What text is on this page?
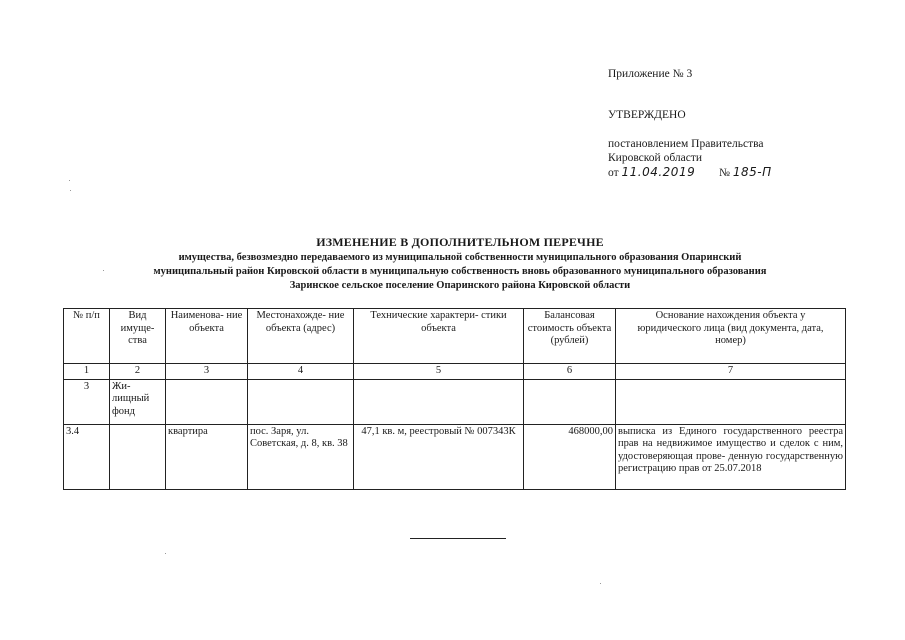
Приложение № 3
УТВЕРЖДЕНО
постановлением Правительства
Кировской области
от 11.04.2019 № 185-П
ИЗМЕНЕНИЕ В ДОПОЛНИТЕЛЬНОМ ПЕРЕЧНЕ
имущества, безвозмездно передаваемого из муниципальной собственности муниципального образования Опаринский
муниципальный район Кировской области в муниципальную собственность вновь образованного муниципального образования
Заринское сельское поселение Опаринского района Кировской области
№ п/п	Вид имуще- ства	Наименова- ние объекта	Местонахожде- ние объекта (адрес)	Технические характери- стики объекта	Балансовая стоимость объекта (рублей)	Основание нахождения объекта у юридического лица (вид документа, дата, номер)
1	2	3	4	5	6	7
3	Жи- лищный фонд					
3.4		квартира	пос. Заря, ул. Советская, д. 8, кв. 38	47,1 кв. м, реестровый № 007343К	468000,00	выписка из Единого государственного реестра прав на недвижимое имущество и сделок с ним, удостоверяющая прове- денную государственную регистрацию прав от 25.07.2018
